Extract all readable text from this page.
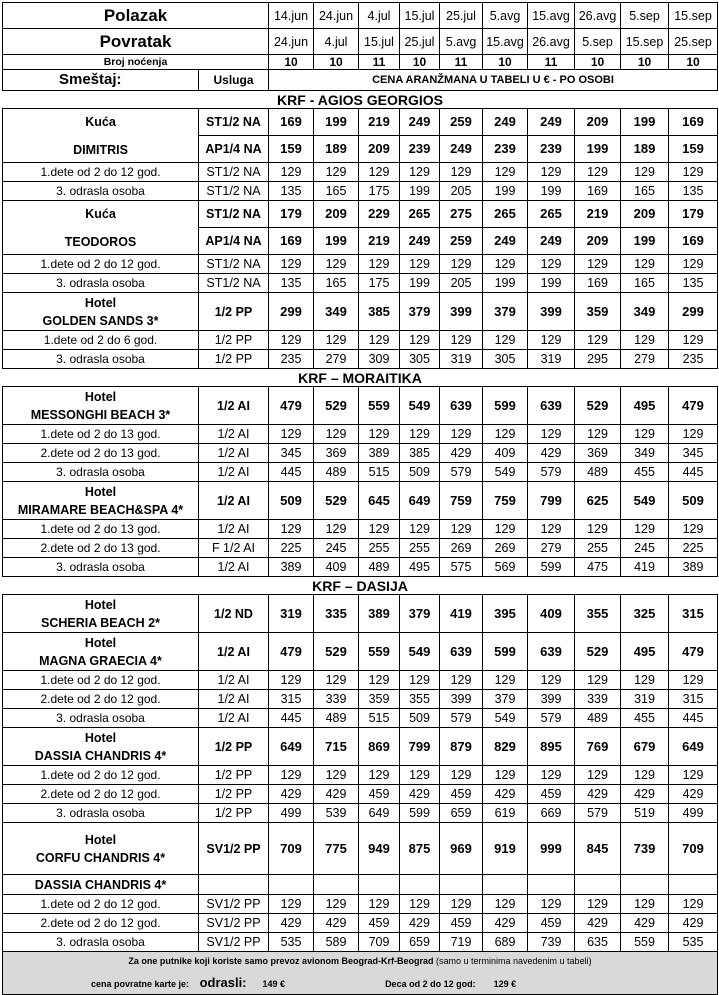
Polazak		14.jun	24.jun	4.jul	15.jul	25.jul	5.avg	15.avg	26.avg	5.sep	15.sep
Povratak		24.jun	4.jul	15.jul	25.jul	5.avg	15.avg	26.avg	5.sep	15.sep	25.sep
Broj noćenja		10	10	11	10	11	10	11	10	10	10
Smeštaj:	Usluga	CENA ARANŽMANA U TABELI U € - PO OSOBI									
KRF - AGIOS GEORGIOS											

Kuća
DIMITRIS	ST1/2 NA	169	199	219	249	259	249	249	209	199	169
	AP1/4 NA	159	189	209	239	249	239	239	199	189	159
1.dete od 2 do 12 god.	ST1/2 NA	129	129	129	129	129	129	129	129	129	129
3. odrasla osoba	ST1/2 NA	135	165	175	199	205	199	199	169	165	135

Kuća
TEODOROS	ST1/2 NA	179	209	229	265	275	265	265	219	209	179
	AP1/4 NA	169	199	219	249	259	249	249	209	199	169
1.dete od 2 do 12 god.	ST1/2 NA	129	129	129	129	129	129	129	129	129	129
3. odrasla osoba	ST1/2 NA	135	165	175	199	205	199	199	169	165	135

Hotel
GOLDEN SANDS 3*	1/2 PP	299	349	385	379	399	379	399	359	349	299
1.dete od 2 do 6 god.	1/2 PP	129	129	129	129	129	129	129	129	129	129
3. odrasla osoba	1/2 PP	235	279	309	305	319	305	319	295	279	235
KRF – MORAITIKA											

Hotel
MESSONGHI BEACH 3*	1/2 AI	479	529	559	549	639	599	639	529	495	479
1.dete od 2 do 13 god.	1/2 AI	129	129	129	129	129	129	129	129	129	129
2.dete od 2 do 13 god.	1/2 AI	345	369	389	385	429	409	429	369	349	345
3. odrasla osoba	1/2 AI	445	489	515	509	579	549	579	489	455	445

Hotel
MIRAMARE BEACH&SPA 4*	1/2 AI	509	529	645	649	759	759	799	625	549	509
1.dete od 2 do 13 god.	1/2 AI	129	129	129	129	129	129	129	129	129	129
2.dete od 2 do 13 god.	F 1/2 AI	225	245	255	255	269	269	279	255	245	225
3. odrasla osoba	1/2 AI	389	409	489	495	575	569	599	475	419	389
KRF – DASIJA											

Hotel
SCHERIA BEACH 2*	1/2 ND	319	335	389	379	419	395	409	355	325	315

Hotel
MAGNA GRAECIA 4*	1/2 AI	479	529	559	549	639	599	639	529	495	479
1.dete od 2 do 12 god.	1/2 AI	129	129	129	129	129	129	129	129	129	129
2.dete od 2 do 12 god.	1/2 AI	315	339	359	355	399	379	399	339	319	315
3. odrasla osoba	1/2 AI	445	489	515	509	579	549	579	489	455	445

Hotel
DASSIA CHANDRIS 4*	1/2 PP	649	715	869	799	879	829	895	769	679	649
1.dete od 2 do 12 god.	1/2 PP	129	129	129	129	129	129	129	129	129	129
2.dete od 2 do 12 god.	1/2 PP	429	429	459	429	459	429	459	429	429	429
3. odrasla osoba	1/2 PP	499	539	649	599	659	619	669	579	519	499

Hotel
CORFU CHANDRIS 4*	SV1/2 PP	709	775	949	875	969	919	999	845	739	709
DASSIA CHANDRIS 4*											
1.dete od 2 do 12 god.	SV1/2 PP	129	129	129	129	129	129	129	129	129	129
2.dete od 2 do 12 god.	SV1/2 PP	429	429	459	429	459	429	459	429	429	429
3. odrasla osoba	SV1/2 PP	535	589	709	659	719	689	739	635	559	535

Za one putnike koji koriste samo prevoz avionom Beograd-Krf-Beograd (samo u terminima navedenim u tabeli)
cena povratne karte je: odrasli: 149 € Deca od 2 do 12 god: 129 €											
